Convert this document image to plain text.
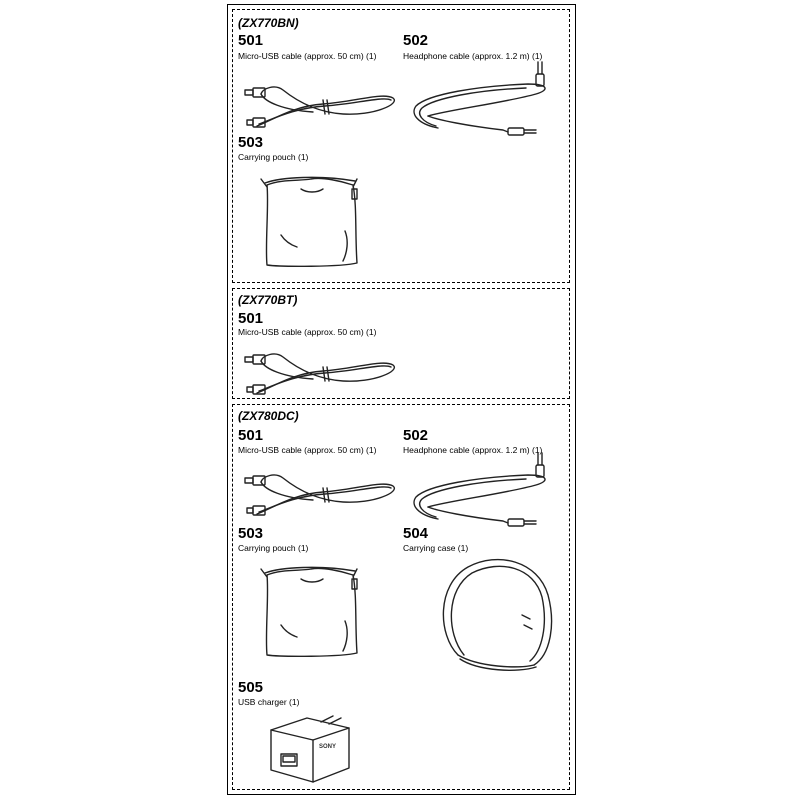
(ZX770BN)
501
Micro-USB cable (approx. 50 cm) (1)
502
Headphone cable (approx. 1.2 m) (1)
503
Carrying pouch (1)
(ZX770BT)
501
Micro-USB cable (approx. 50 cm) (1)
(ZX780DC)
501
Micro-USB cable (approx. 50 cm) (1)
502
Headphone cable (approx. 1.2 m) (1)
503
Carrying pouch (1)
504
Carrying case (1)
505
USB charger (1)
SONY
